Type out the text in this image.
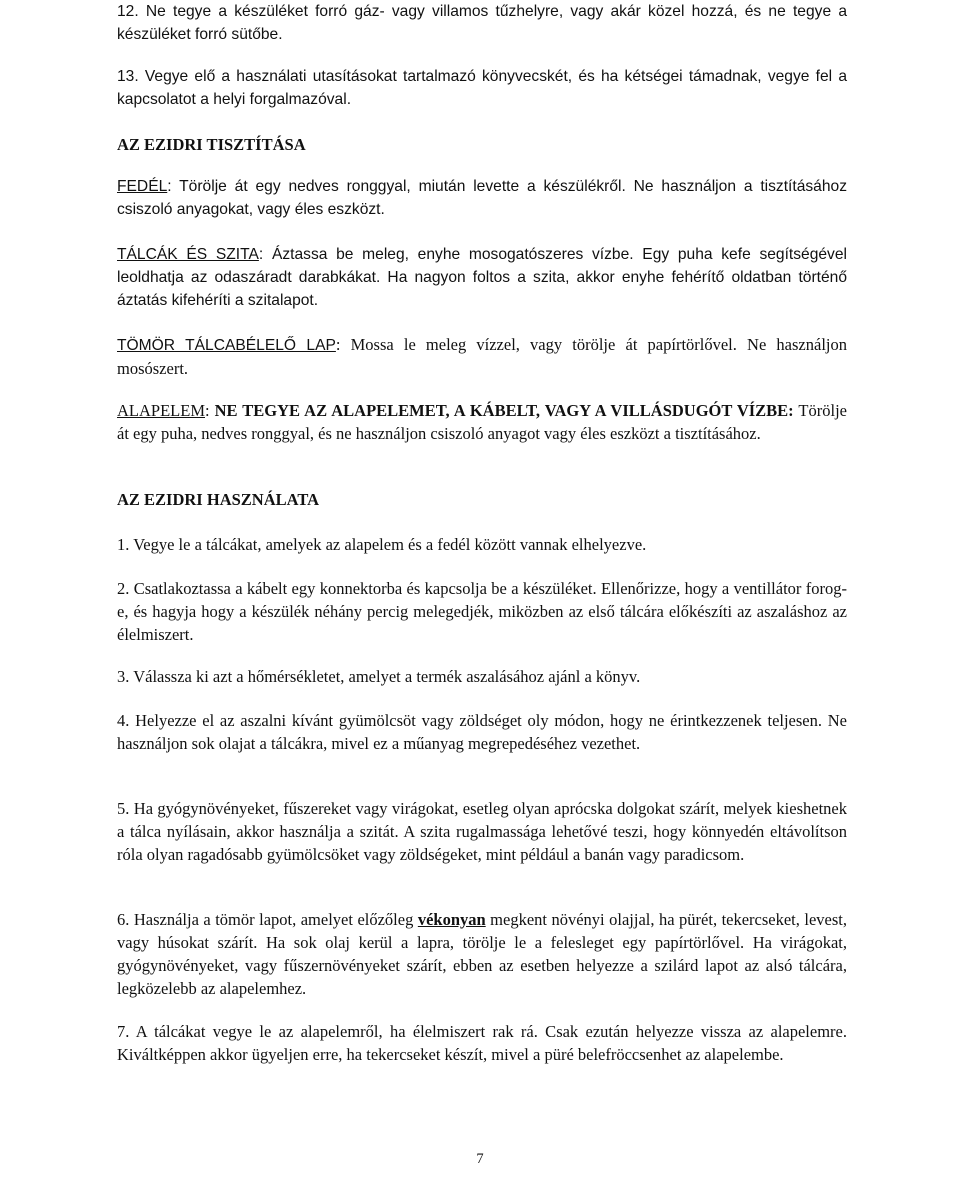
12. Ne tegye a készüléket forró gáz- vagy villamos tűzhelyre, vagy akár közel hozzá, és ne tegye a készüléket forró sütőbe.

13. Vegye elő a használati utasításokat tartalmazó könyvecskét, és ha kétségei támadnak, vegye fel a kapcsolatot a helyi forgalmazóval.

AZ EZIDRI TISZTÍTÁSA

FEDÉL: Törölje át egy nedves ronggyal, miután levette a készülékről. Ne használjon a tisztításához csiszoló anyagokat, vagy éles eszközt.

TÁLCÁK ÉS SZITA: Áztassa be meleg, enyhe mosogatószeres vízbe. Egy puha kefe segítségével leoldhatja az odaszáradt darabkákat. Ha nagyon foltos a szita, akkor enyhe fehérítő oldatban történő áztatás kifehéríti a szitalapot.

TÖMÖR TÁLCABÉLELŐ LAP: Mossa le meleg vízzel, vagy törölje át papírtörlővel. Ne használjon mosószert.

ALAPELEM: NE TEGYE AZ ALAPELEMET, A KÁBELT, VAGY A VILLÁSDUGÓT VÍZBE: Törölje át egy puha, nedves ronggyal, és ne használjon csiszoló anyagot vagy éles eszközt a tisztításához.

AZ EZIDRI HASZNÁLATA

1. Vegye le a tálcákat, amelyek az alapelem és a fedél között vannak elhelyezve.

2. Csatlakoztassa a kábelt egy konnektorba és kapcsolja be a készüléket. Ellenőrizze, hogy a ventillátor forog-e, és hagyja hogy a készülék néhány percig melegedjék, miközben az első tálcára előkészíti az aszaláshoz az élelmiszert.

3. Válassza ki azt a hőmérsékletet, amelyet a termék aszalásához ajánl a könyv.

4. Helyezze el az aszalni kívánt gyümölcsöt vagy zöldséget oly módon, hogy ne érintkezzenek teljesen. Ne használjon sok olajat a tálcákra, mivel ez a műanyag megrepedéséhez vezethet.

5. Ha gyógynövényeket, fűszereket vagy virágokat, esetleg olyan aprócska dolgokat szárít, melyek kieshetnek a tálca nyílásain, akkor használja a szitát. A szita rugalmassága lehetővé teszi, hogy könnyedén eltávolítson róla olyan ragadósabb gyümölcsöket vagy zöldségeket, mint például a banán vagy paradicsom.

6. Használja a tömör lapot, amelyet előzőleg vékonyan megkent növényi olajjal, ha pürét, tekercseket, levest, vagy húsokat szárít. Ha sok olaj kerül a lapra, törölje le a felesleget egy papírtörlővel. Ha virágokat, gyógynövényeket, vagy fűszernövényeket szárít, ebben az esetben helyezze a szilárd lapot az alsó tálcára, legközelebb az alapelemhez.

7. A tálcákat vegye le az alapelemről, ha élelmiszert rak rá. Csak ezután helyezze vissza az alapelemre. Kiváltképpen akkor ügyeljen erre, ha tekercseket készít, mivel a püré belefröccsenhet az alapelembe.

7
